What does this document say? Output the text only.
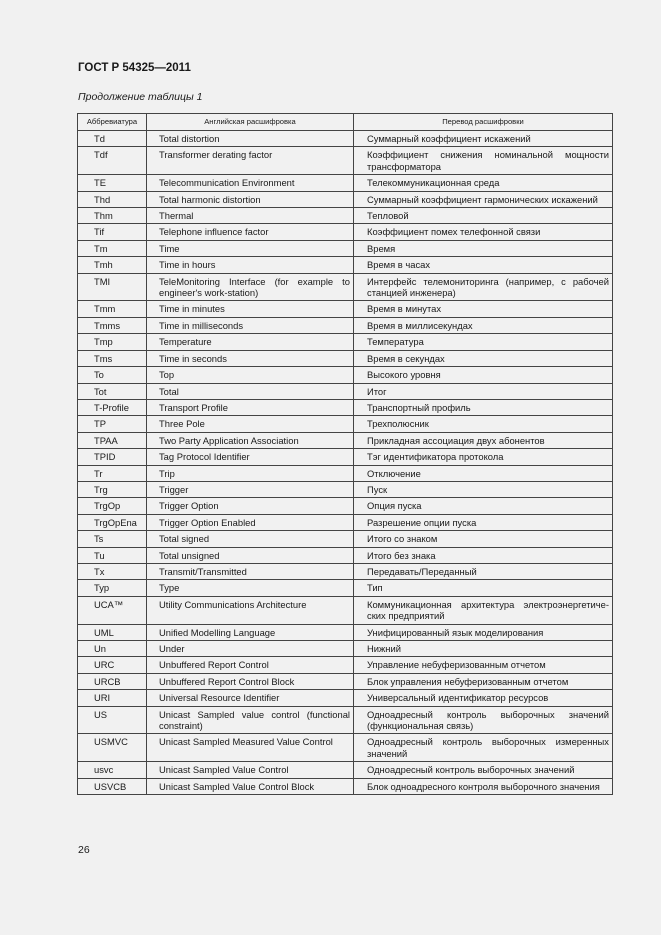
ГОСТ Р 54325—2011
Продолжение таблицы 1
Аббревиатура	Английская расшифровка	Перевод расшифровки
Td	Total distortion	Суммарный коэффициент искажений
Tdf	Transformer derating factor	Коэффициент снижения номинальной мощности трансформатора
TE	Telecommunication Environment	Телекоммуникационная среда
Thd	Total harmonic distortion	Суммарный коэффициент гармонических искажений
Thm	Thermal	Тепловой
Tif	Telephone influence factor	Коэффициент помех телефонной связи
Tm	Time	Время
Tmh	Time in hours	Время в часах
TMI	TeleMonitoring Interface (for example to engineer's work-station)	Интерфейс телемониторинга (например, с рабочей станцией инженера)
Tmm	Time in minutes	Время в минутах
Tmms	Time in milliseconds	Время в миллисекундах
Tmp	Temperature	Температура
Tms	Time in seconds	Время в секундах
To	Top	Высокого уровня
Tot	Total	Итог
T-Profile	Transport Profile	Транспортный профиль
TP	Three Pole	Трехполюсник
TPAA	Two Party Application Association	Прикладная ассоциация двух абонентов
TPID	Tag Protocol Identifier	Тэг идентификатора протокола
Tr	Trip	Отключение
Trg	Trigger	Пуск
TrgOp	Trigger Option	Опция пуска
TrgOpEna	Trigger Option Enabled	Разрешение опции пуска
Ts	Total signed	Итого со знаком
Tu	Total unsigned	Итого без знака
Tx	Transmit/Transmitted	Передавать/Переданный
Typ	Type	Тип
UCA™	Utility Communications Architecture	Коммуникационная архитектура электроэнергетиче-ских предприятий
UML	Unified Modelling Language	Унифицированный язык моделирования
Un	Under	Нижний
URC	Unbuffered Report Control	Управление небуферизованным отчетом
URCB	Unbuffered Report Control Block	Блок управления небуферизованным отчетом
URI	Universal Resource Identifier	Универсальный идентификатор ресурсов
US	Unicast Sampled value control (functional constraint)	Одноадресный контроль выборочных значений (функциональная связь)
USMVC	Unicast Sampled Measured Value Control	Одноадресный контроль выборочных измеренных значений
usvc	Unicast Sampled Value Control	Одноадресный контроль выборочных значений
USVCB	Unicast Sampled Value Control Block	Блок одноадресного контроля выборочного значения
26
